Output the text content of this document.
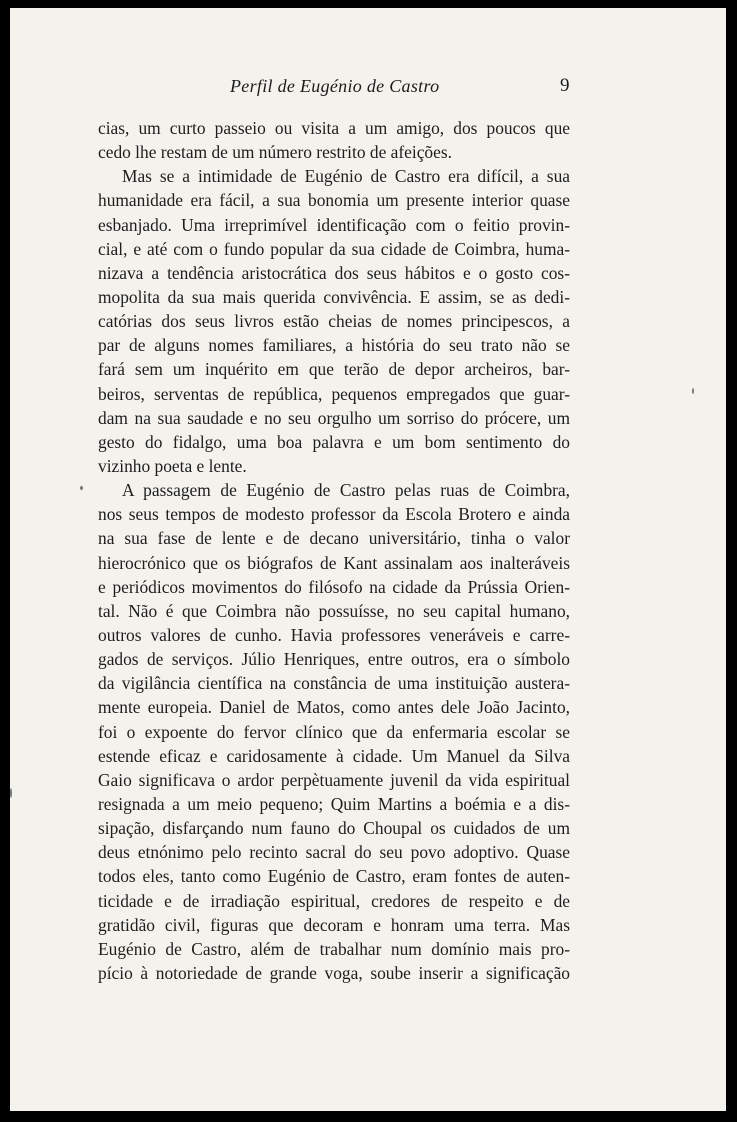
Perfil de Eugénio de Castro	9
cias, um curto passeio ou visita a um amigo, dos poucos que
cedo lhe restam de um número restrito de afeições.
Mas se a intimidade de Eugénio de Castro era difícil, a sua
humanidade era fácil, a sua bonomia um presente interior quase
esbanjado. Uma irreprimível identificação com o feitio provin-
cial, e até com o fundo popular da sua cidade de Coimbra, huma-
nizava a tendência aristocrática dos seus hábitos e o gosto cos-
mopolita da sua mais querida convivência. E assim, se as dedi-
catórias dos seus livros estão cheias de nomes principescos, a
par de alguns nomes familiares, a história do seu trato não se
fará sem um inquérito em que terão de depor archeiros, bar-
beiros, serventas de república, pequenos empregados que guar-
dam na sua saudade e no seu orgulho um sorriso do prócere, um
gesto do fidalgo, uma boa palavra e um bom sentimento do
vizinho poeta e lente.
A passagem de Eugénio de Castro pelas ruas de Coimbra,
nos seus tempos de modesto professor da Escola Brotero e ainda
na sua fase de lente e de decano universitário, tinha o valor
hierocrónico que os biógrafos de Kant assinalam aos inalteráveis
e periódicos movimentos do filósofo na cidade da Prússia Orien-
tal. Não é que Coimbra não possuísse, no seu capital humano,
outros valores de cunho. Havia professores veneráveis e carre-
gados de serviços. Júlio Henriques, entre outros, era o símbolo
da vigilância científica na constância de uma instituição austera-
mente europeia. Daniel de Matos, como antes dele João Jacinto,
foi o expoente do fervor clínico que da enfermaria escolar se
estende eficaz e caridosamente à cidade. Um Manuel da Silva
Gaio significava o ardor perpètuamente juvenil da vida espiritual
resignada a um meio pequeno; Quim Martins a boémia e a dis-
sipação, disfarçando num fauno do Choupal os cuidados de um
deus etnónimo pelo recinto sacral do seu povo adoptivo. Quase
todos eles, tanto como Eugénio de Castro, eram fontes de auten-
ticidade e de irradiação espiritual, credores de respeito e de
gratidão civil, figuras que decoram e honram uma terra. Mas
Eugénio de Castro, além de trabalhar num domínio mais pro-
pício à notoriedade de grande voga, soube inserir a significação
